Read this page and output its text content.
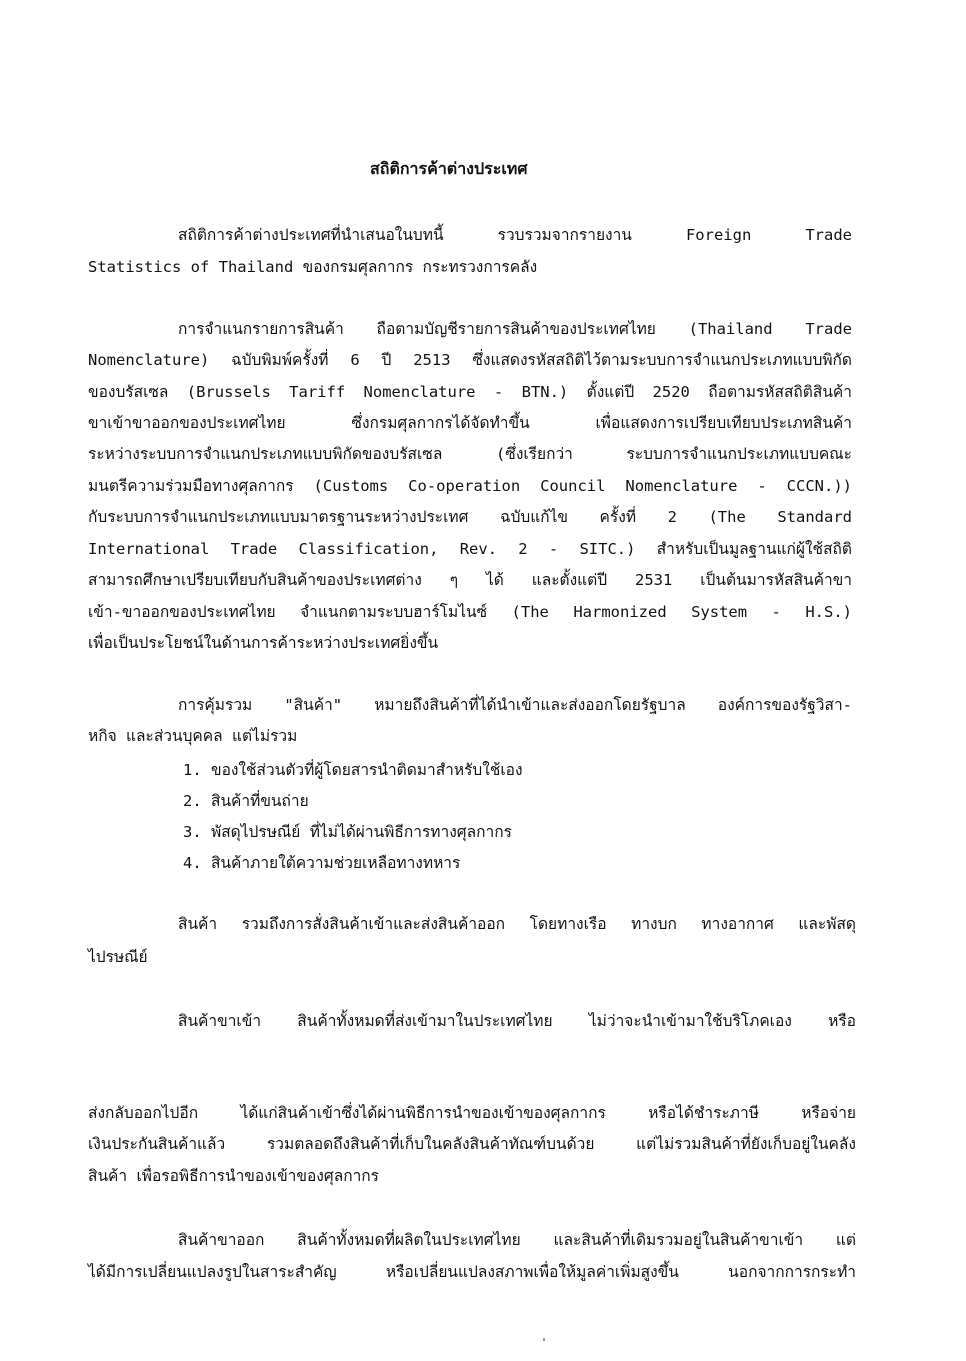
สถิติการค้าต่างประเทศ
สถิติการค้าต่างประเทศที่นำเสนอในบทนี้ รวบรวมจากรายงาน Foreign Trade
Statistics of Thailand ของกรมศุลกากร กระทรวงการคลัง
การจำแนกรายการสินค้า ถือตามบัญชีรายการสินค้าของประเทศไทย (Thailand Trade
Nomenclature) ฉบับพิมพ์ครั้งที่ 6 ปี 2513 ซึ่งแสดงรหัสสถิติไว้ตามระบบการจำแนกประเภทแบบพิกัด
ของบรัสเซล (Brussels Tariff Nomenclature - BTN.) ตั้งแต่ปี 2520 ถือตามรหัสสถิติสินค้า
ขาเข้าขาออกของประเทศไทย ซึ่งกรมศุลกากรได้จัดทำขึ้น เพื่อแสดงการเปรียบเทียบประเภทสินค้า
ระหว่างระบบการจำแนกประเภทแบบพิกัดของบรัสเซล (ซึ่งเรียกว่า ระบบการจำแนกประเภทแบบคณะ
มนตรีความร่วมมือทางศุลกากร (Customs Co-operation Council Nomenclature - CCCN.))
กับระบบการจำแนกประเภทแบบมาตรฐานระหว่างประเทศ ฉบับแก้ไข ครั้งที่ 2 (The Standard
International Trade Classification, Rev. 2 - SITC.) สำหรับเป็นมูลฐานแก่ผู้ใช้สถิติ
สามารถศึกษาเปรียบเทียบกับสินค้าของประเทศต่าง ๆ ได้ และตั้งแต่ปี 2531 เป็นต้นมารหัสสินค้าขา
เข้า-ขาออกของประเทศไทย จำแนกตามระบบฮาร์โมไนซ์ (The Harmonized System - H.S.)
เพื่อเป็นประโยชน์ในด้านการค้าระหว่างประเทศยิ่งขึ้น
การคุ้มรวม "สินค้า" หมายถึงสินค้าที่ได้นำเข้าและส่งออกโดยรัฐบาล องค์การของรัฐวิสา-
หกิจ และส่วนบุคคล แต่ไม่รวม
1. ของใช้ส่วนตัวที่ผู้โดยสารนำติดมาสำหรับใช้เอง
2. สินค้าที่ขนถ่าย
3. พัสดุไปรษณีย์ ที่ไม่ได้ผ่านพิธีการทางศุลกากร
4. สินค้าภายใต้ความช่วยเหลือทางทหาร
สินค้า รวมถึงการสั่งสินค้าเข้าและส่งสินค้าออก โดยทางเรือ ทางบก ทางอากาศ และพัสดุ
ไปรษณีย์
สินค้าขาเข้า สินค้าทั้งหมดที่ส่งเข้ามาในประเทศไทย ไม่ว่าจะนำเข้ามาใช้บริโภคเอง หรือ
ส่งกลับออกไปอีก ได้แก่สินค้าเข้าซึ่งได้ผ่านพิธีการนำของเข้าของศุลกากร หรือได้ชำระภาษี หรือจ่าย
เงินประกันสินค้าแล้ว รวมตลอดถึงสินค้าที่เก็บในคลังสินค้าทัณฑ์บนด้วย แต่ไม่รวมสินค้าที่ยังเก็บอยู่ในคลัง
สินค้า เพื่อรอพิธีการนำของเข้าของศุลกากร
สินค้าขาออก สินค้าทั้งหมดที่ผลิตในประเทศไทย และสินค้าที่เดิมรวมอยู่ในสินค้าขาเข้า แต่
ได้มีการเปลี่ยนแปลงรูปในสาระสำคัญ หรือเปลี่ยนแปลงสภาพเพื่อให้มูลค่าเพิ่มสูงขึ้น นอกจากการกระทำ
